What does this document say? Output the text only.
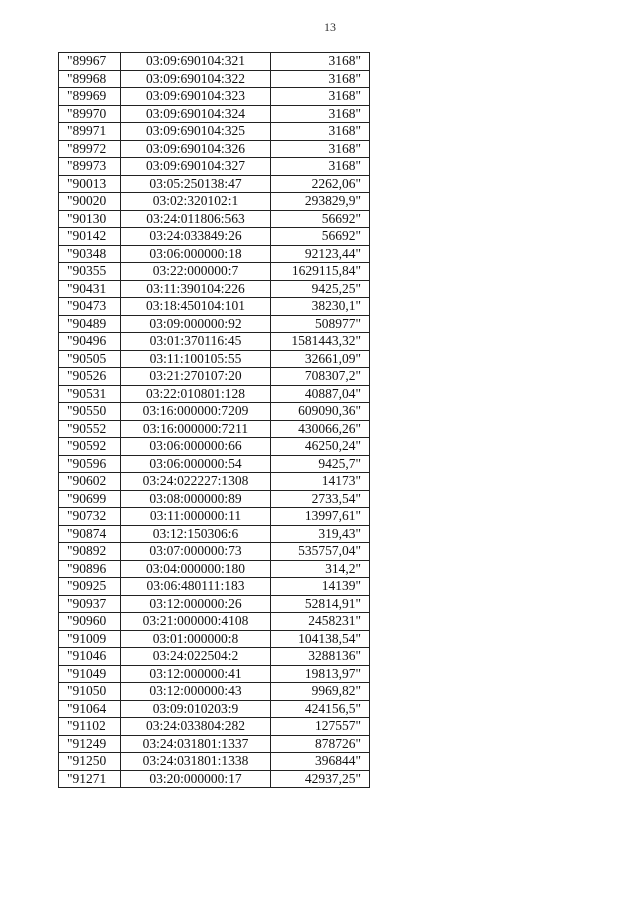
13
"89967	03:09:690104:321	3168"
"89968	03:09:690104:322	3168"
"89969	03:09:690104:323	3168"
"89970	03:09:690104:324	3168"
"89971	03:09:690104:325	3168"
"89972	03:09:690104:326	3168"
"89973	03:09:690104:327	3168"
"90013	03:05:250138:47	2262,06"
"90020	03:02:320102:1	293829,9"
"90130	03:24:011806:563	56692"
"90142	03:24:033849:26	56692"
"90348	03:06:000000:18	92123,44"
"90355	03:22:000000:7	1629115,84"
"90431	03:11:390104:226	9425,25"
"90473	03:18:450104:101	38230,1"
"90489	03:09:000000:92	508977"
"90496	03:01:370116:45	1581443,32"
"90505	03:11:100105:55	32661,09"
"90526	03:21:270107:20	708307,2"
"90531	03:22:010801:128	40887,04"
"90550	03:16:000000:7209	609090,36"
"90552	03:16:000000:7211	430066,26"
"90592	03:06:000000:66	46250,24"
"90596	03:06:000000:54	9425,7"
"90602	03:24:022227:1308	14173"
"90699	03:08:000000:89	2733,54"
"90732	03:11:000000:11	13997,61"
"90874	03:12:150306:6	319,43"
"90892	03:07:000000:73	535757,04"
"90896	03:04:000000:180	314,2"
"90925	03:06:480111:183	14139"
"90937	03:12:000000:26	52814,91"
"90960	03:21:000000:4108	2458231"
"91009	03:01:000000:8	104138,54"
"91046	03:24:022504:2	3288136"
"91049	03:12:000000:41	19813,97"
"91050	03:12:000000:43	9969,82"
"91064	03:09:010203:9	424156,5"
"91102	03:24:033804:282	127557"
"91249	03:24:031801:1337	878726"
"91250	03:24:031801:1338	396844"
"91271	03:20:000000:17	42937,25"
